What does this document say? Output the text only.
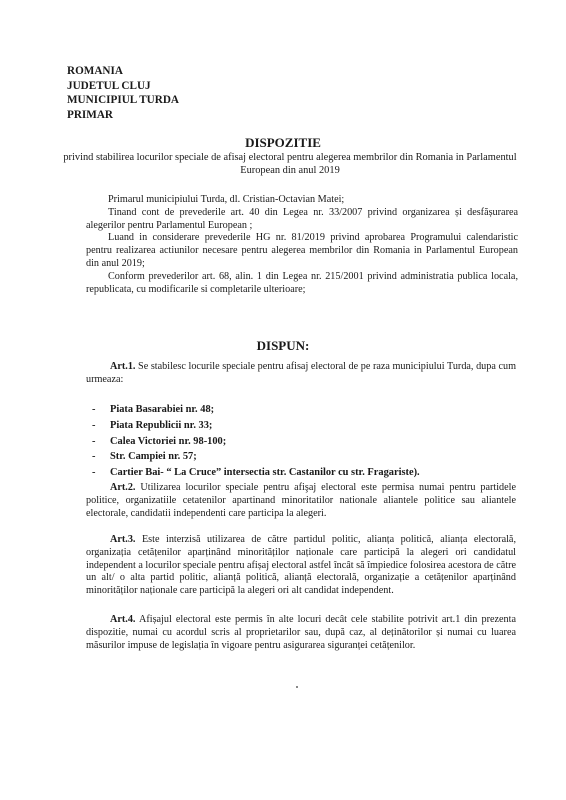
ROMANIA
JUDETUL CLUJ
MUNICIPIUL TURDA
PRIMAR
DISPOZITIE
privind stabilirea locurilor speciale de afisaj electoral pentru alegerea membrilor din Romania in Parlamentul European din anul 2019

Primarul municipiului Turda, dl. Cristian-Octavian Matei;

Tinand cont de prevederile art. 40 din Legea nr. 33/2007 privind organizarea și desfășurarea alegerilor pentru Parlamentul European ;

Luand in considerare prevederile HG nr. 81/2019 privind aprobarea Programului calendaristic pentru realizarea actiunilor necesare pentru alegerea membrilor din Romania in Parlamentul European din anul 2019;

Conform prevederilor art. 68, alin. 1 din Legea nr. 215/2001 privind administratia publica locala, republicata, cu modificarile si completarile ulterioare;

DISPUN:
Art.1. Se stabilesc locurile speciale pentru afisaj electoral de pe raza municipiului Turda, dupa cum urmeaza:
- Piata Basarabiei nr. 48;
- Piata Republicii nr. 33;
- Calea Victoriei nr. 98-100;
- Str. Campiei nr. 57;
- Cartier Bai- “ La Cruce” intersectia str. Castanilor cu str. Fragariste).
Art.2. Utilizarea locurilor speciale pentru afişaj electoral este permisa numai pentru partidele politice, organizatiile cetatenilor apartinand minoritatilor nationale aliantele politice sau aliantele electorale, candidatii independenti care participa la alegeri.
Art.3. Este interzisă utilizarea de către partidul politic, alianța politică, alianța electorală, organizația cetățenilor aparținând minorităților naționale care participă la alegeri ori candidatul independent a locurilor speciale pentru afișaj electoral astfel încât să împiedice folosirea acestora de către un alt/ o alta partid politic, alianță politică, alianță electorală, organizație a cetățenilor aparținând minorităților naționale care participă la alegeri ori alt candidat independent.
Art.4. Afișajul electoral este permis în alte locuri decât cele stabilite potrivit art.1 din prezenta dispozitie, numai cu acordul scris al proprietarilor sau, după caz, al deținătorilor și numai cu luarea măsurilor impuse de legislația în vigoare pentru asigurarea siguranței cetățenilor.
